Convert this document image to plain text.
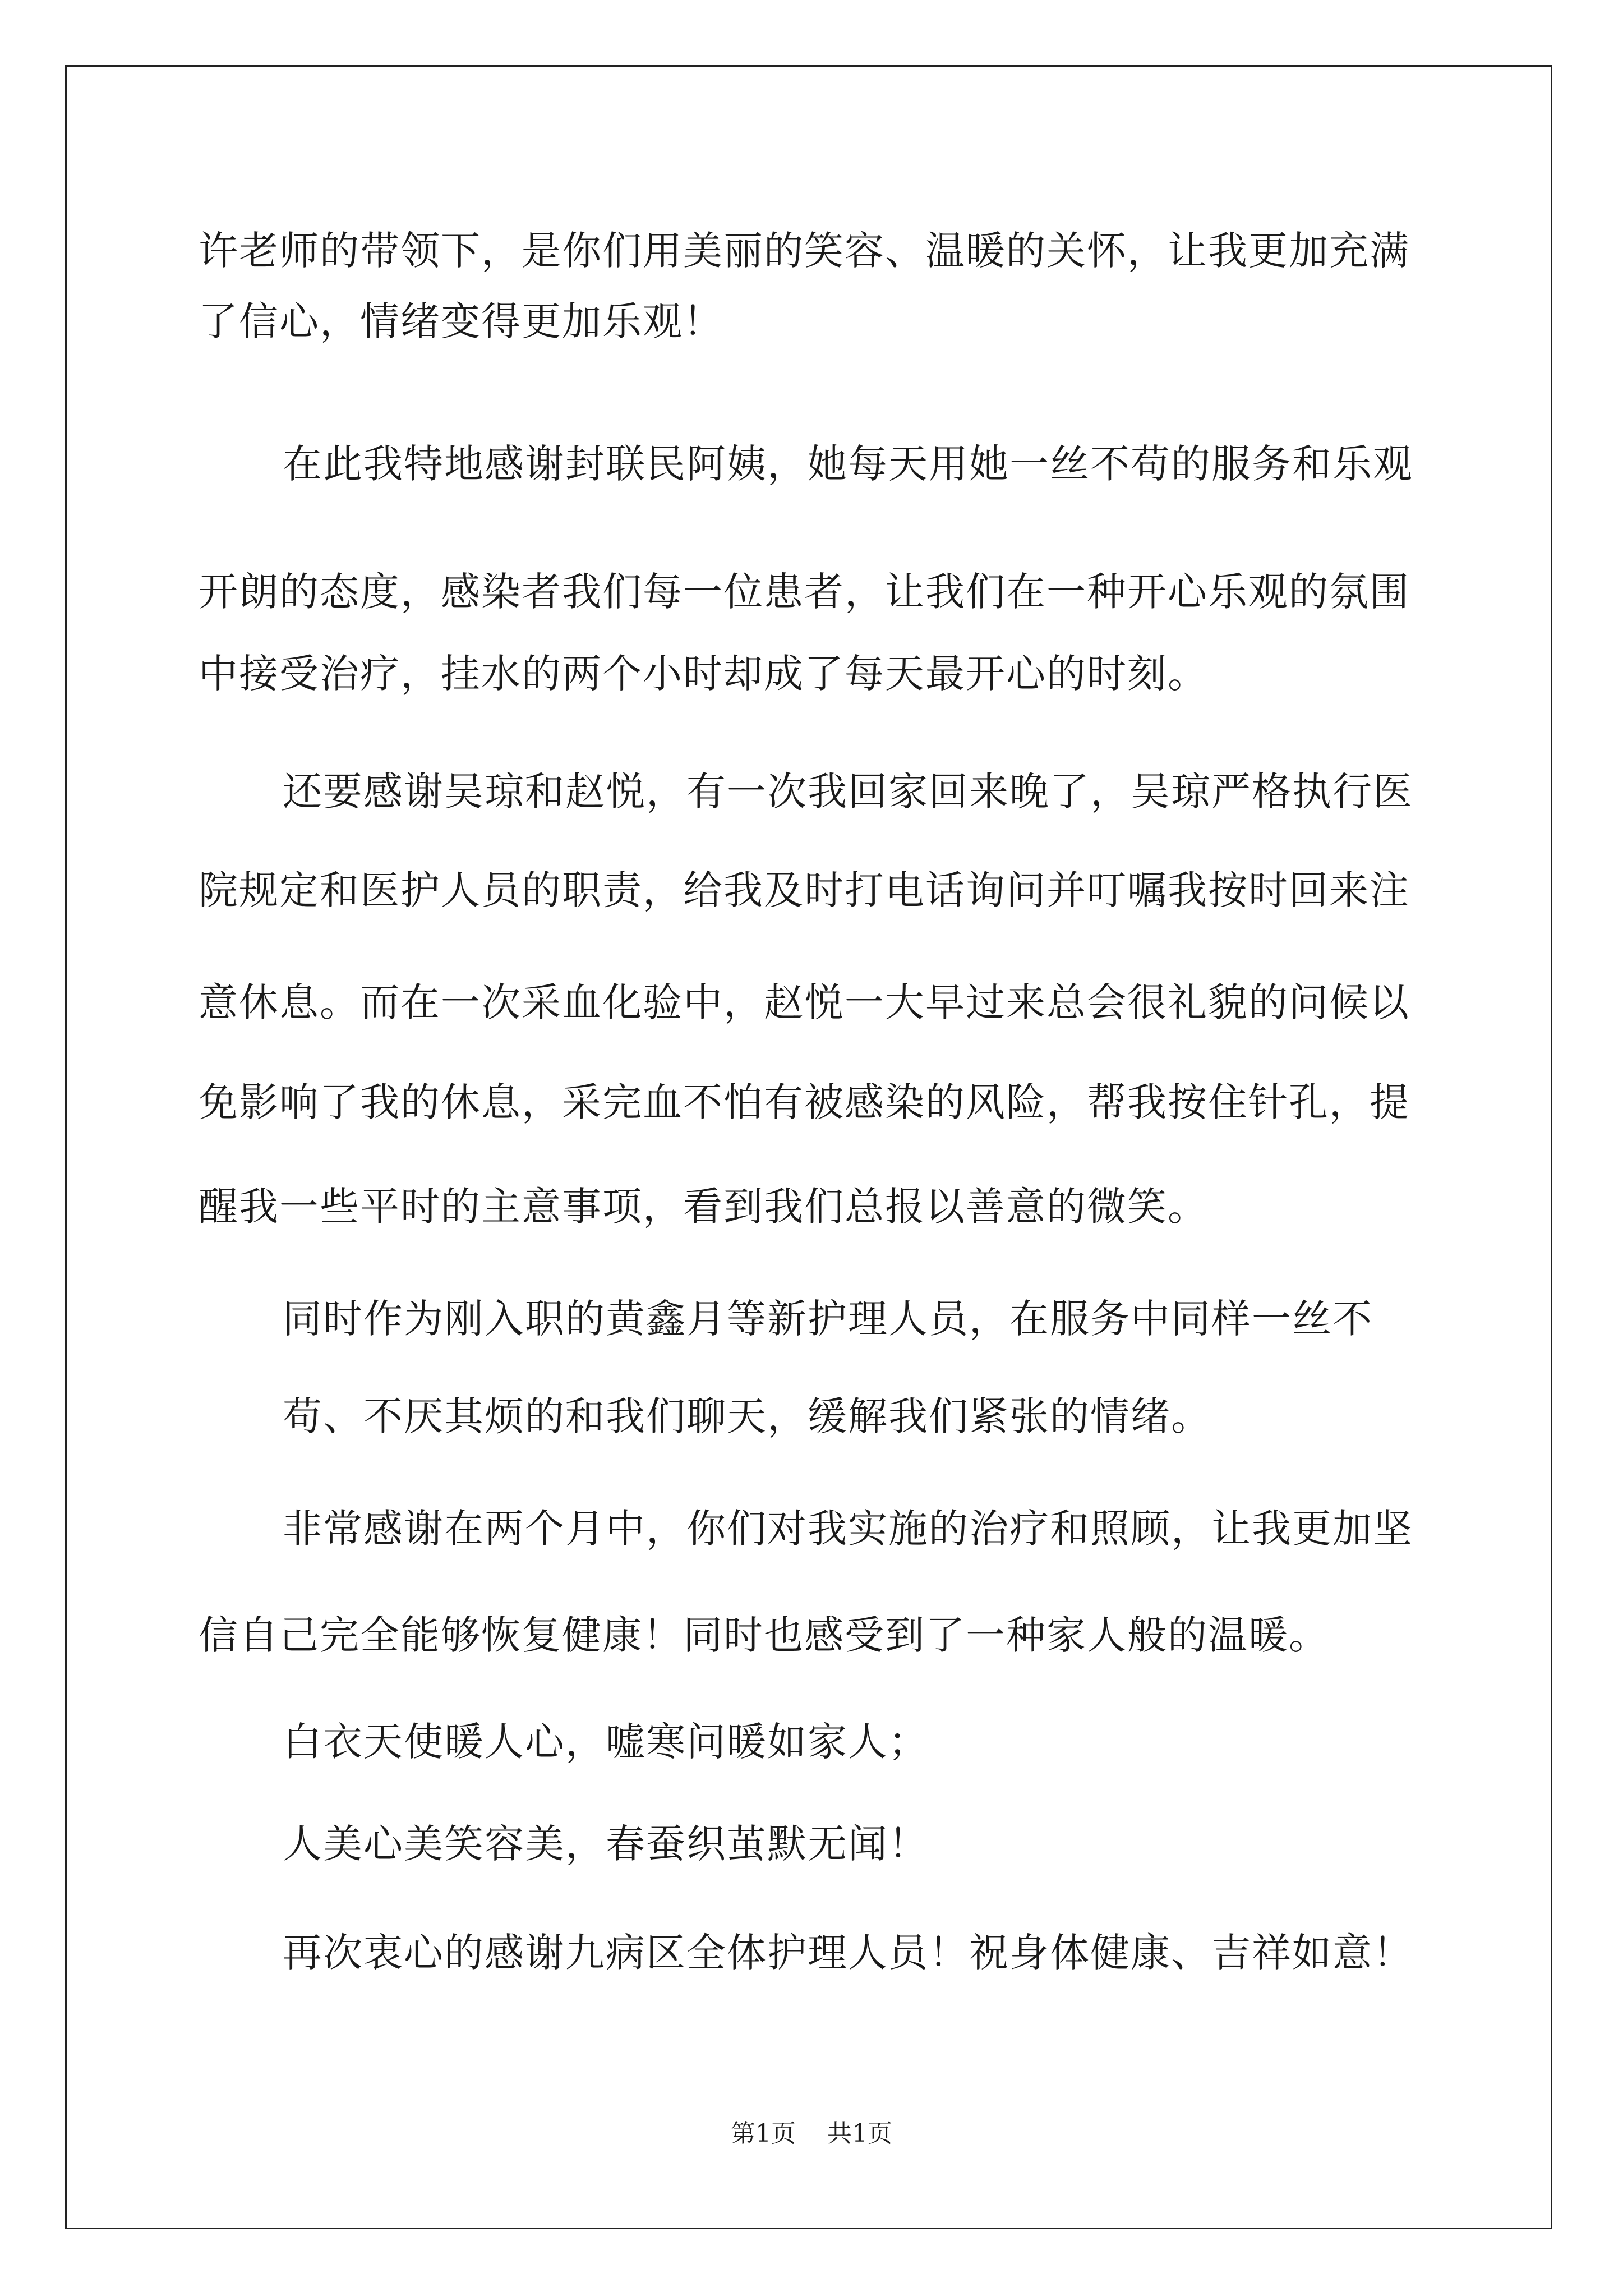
许老师的带领下，是你们用美丽的笑容、温暖的关怀，让我更加充满
了信心，情绪变得更加乐观！
在此我特地感谢封联民阿姨，她每天用她一丝不苟的服务和乐观
开朗的态度，感染者我们每一位患者，让我们在一种开心乐观的氛围
中接受治疗，挂水的两个小时却成了每天最开心的时刻。
还要感谢吴琼和赵悦，有一次我回家回来晚了，吴琼严格执行医
院规定和医护人员的职责，给我及时打电话询问并叮嘱我按时回来注
意休息。而在一次采血化验中，赵悦一大早过来总会很礼貌的问候以
免影响了我的休息，采完血不怕有被感染的风险，帮我按住针孔，提
醒我一些平时的主意事项，看到我们总报以善意的微笑。
同时作为刚入职的黄鑫月等新护理人员，在服务中同样一丝不
苟、不厌其烦的和我们聊天，缓解我们紧张的情绪。
非常感谢在两个月中，你们对我实施的治疗和照顾，让我更加坚
信自己完全能够恢复健康！同时也感受到了一种家人般的温暖。
白衣天使暖人心，嘘寒问暖如家人；
人美心美笑容美，春蚕织茧默无闻！
再次衷心的感谢九病区全体护理人员！祝身体健康、吉祥如意！
第1页    共1页
